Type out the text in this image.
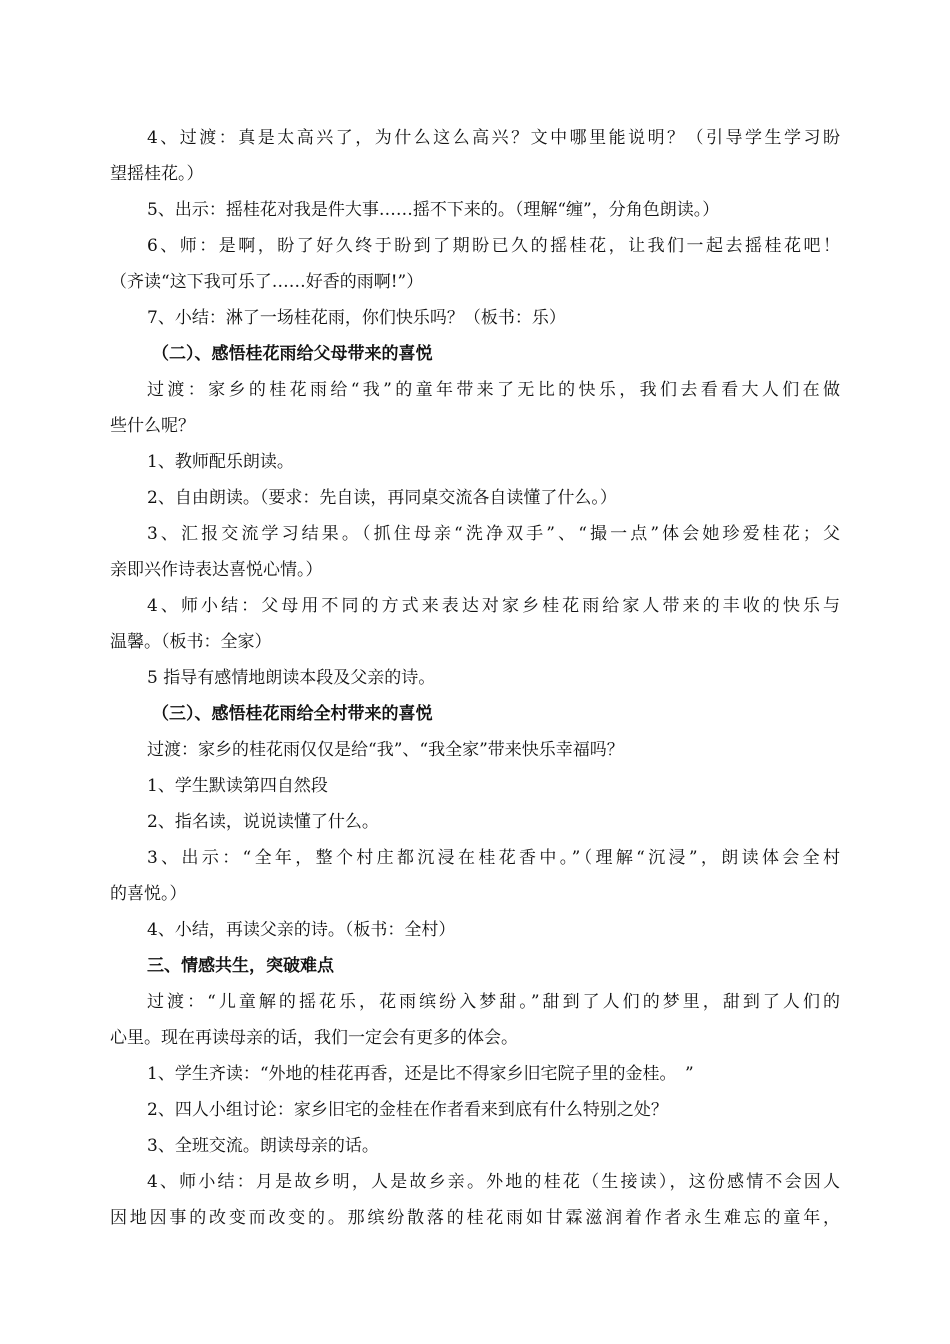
4、过渡：真是太高兴了，为什么这么高兴？文中哪里能说明？（引导学生学习盼
望摇桂花。）
5、出示：摇桂花对我是件大事……摇不下来的。（理解“缠”，分角色朗读。）
6、师：是啊，盼了好久终于盼到了期盼已久的摇桂花，让我们一起去摇桂花吧！
（齐读“这下我可乐了……好香的雨啊!”）
7、小结：淋了一场桂花雨，你们快乐吗？（板书：乐）
（二）、感悟桂花雨给父母带来的喜悦
过渡：家乡的桂花雨给“我”的童年带来了无比的快乐，我们去看看大人们在做
些什么呢？
1、教师配乐朗读。
2、自由朗读。（要求：先自读，再同桌交流各自读懂了什么。）
3、汇报交流学习结果。（抓住母亲“洗净双手”、“撮一点”体会她珍爱桂花；父
亲即兴作诗表达喜悦心情。）
4、师小结：父母用不同的方式来表达对家乡桂花雨给家人带来的丰收的快乐与
温馨。（板书：全家）
5 指导有感情地朗读本段及父亲的诗。
（三）、感悟桂花雨给全村带来的喜悦
过渡：家乡的桂花雨仅仅是给“我”、“我全家”带来快乐幸福吗？
1、学生默读第四自然段
2、指名读，说说读懂了什么。
3、出示：“全年，整个村庄都沉浸在桂花香中。”（理解“沉浸”，朗读体会全村
的喜悦。）
4、小结，再读父亲的诗。（板书：全村）
三、情感共生，突破难点
过渡：“儿童解的摇花乐，花雨缤纷入梦甜。”甜到了人们的梦里，甜到了人们的
心里。现在再读母亲的话，我们一定会有更多的体会。
1、学生齐读：“外地的桂花再香，还是比不得家乡旧宅院子里的金桂。　”
2、四人小组讨论：家乡旧宅的金桂在作者看来到底有什么特别之处？
3、全班交流。朗读母亲的话。
4、师小结：月是故乡明，人是故乡亲。外地的桂花（生接读），这份感情不会因人
因地因事的改变而改变的。那缤纷散落的桂花雨如甘霖滋润着作者永生难忘的童年，
